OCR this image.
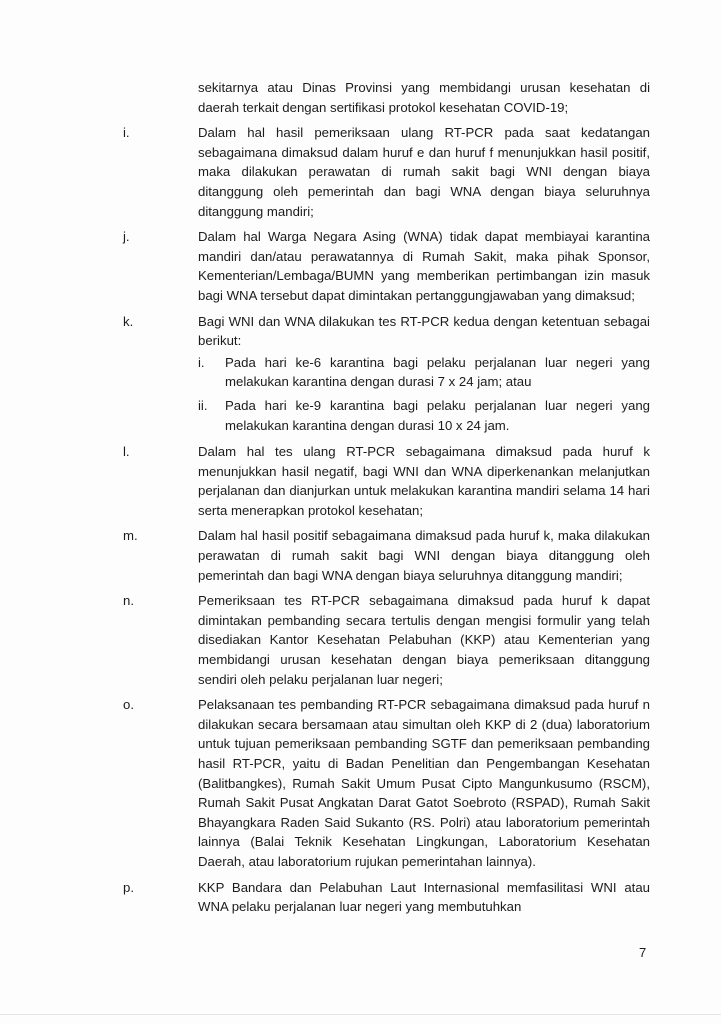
sekitarnya atau Dinas Provinsi yang membidangi urusan kesehatan di daerah terkait dengan sertifikasi protokol kesehatan COVID-19;
i.	Dalam hal hasil pemeriksaan ulang RT-PCR pada saat kedatangan sebagaimana dimaksud dalam huruf e dan huruf f menunjukkan hasil positif, maka dilakukan perawatan di rumah sakit bagi WNI dengan biaya ditanggung oleh pemerintah dan bagi WNA dengan biaya seluruhnya ditanggung mandiri;
j.	Dalam hal Warga Negara Asing (WNA) tidak dapat membiayai karantina mandiri dan/atau perawatannya di Rumah Sakit, maka pihak Sponsor, Kementerian/Lembaga/BUMN yang memberikan pertimbangan izin masuk bagi WNA tersebut dapat dimintakan pertanggungjawaban yang dimaksud;
k.	Bagi WNI dan WNA dilakukan tes RT-PCR kedua dengan ketentuan sebagai berikut:
i.	Pada hari ke-6 karantina bagi pelaku perjalanan luar negeri yang melakukan karantina dengan durasi 7 x 24 jam; atau
ii.	Pada hari ke-9 karantina bagi pelaku perjalanan luar negeri yang melakukan karantina dengan durasi 10 x 24 jam.
l.	Dalam hal tes ulang RT-PCR sebagaimana dimaksud pada huruf k menunjukkan hasil negatif, bagi WNI dan WNA diperkenankan melanjutkan perjalanan dan dianjurkan untuk melakukan karantina mandiri selama 14 hari serta menerapkan protokol kesehatan;
m.	Dalam hal hasil positif sebagaimana dimaksud pada huruf k, maka dilakukan perawatan di rumah sakit bagi WNI dengan biaya ditanggung oleh pemerintah dan bagi WNA dengan biaya seluruhnya ditanggung mandiri;
n.	Pemeriksaan tes RT-PCR sebagaimana dimaksud pada huruf k dapat dimintakan pembanding secara tertulis dengan mengisi formulir yang telah disediakan Kantor Kesehatan Pelabuhan (KKP) atau Kementerian yang membidangi urusan kesehatan dengan biaya pemeriksaan ditanggung sendiri oleh pelaku perjalanan luar negeri;
o.	Pelaksanaan tes pembanding RT-PCR sebagaimana dimaksud pada huruf n dilakukan secara bersamaan atau simultan oleh KKP di 2 (dua) laboratorium untuk tujuan pemeriksaan pembanding SGTF dan pemeriksaan pembanding hasil RT-PCR, yaitu di Badan Penelitian dan Pengembangan Kesehatan (Balitbangkes), Rumah Sakit Umum Pusat Cipto Mangunkusumo (RSCM), Rumah Sakit Pusat Angkatan Darat Gatot Soebroto (RSPAD), Rumah Sakit Bhayangkara Raden Said Sukanto (RS. Polri) atau laboratorium pemerintah lainnya (Balai Teknik Kesehatan Lingkungan, Laboratorium Kesehatan Daerah, atau laboratorium rujukan pemerintahan lainnya).
p.	KKP Bandara dan Pelabuhan Laut Internasional memfasilitasi WNI atau WNA pelaku perjalanan luar negeri yang membutuhkan
7
